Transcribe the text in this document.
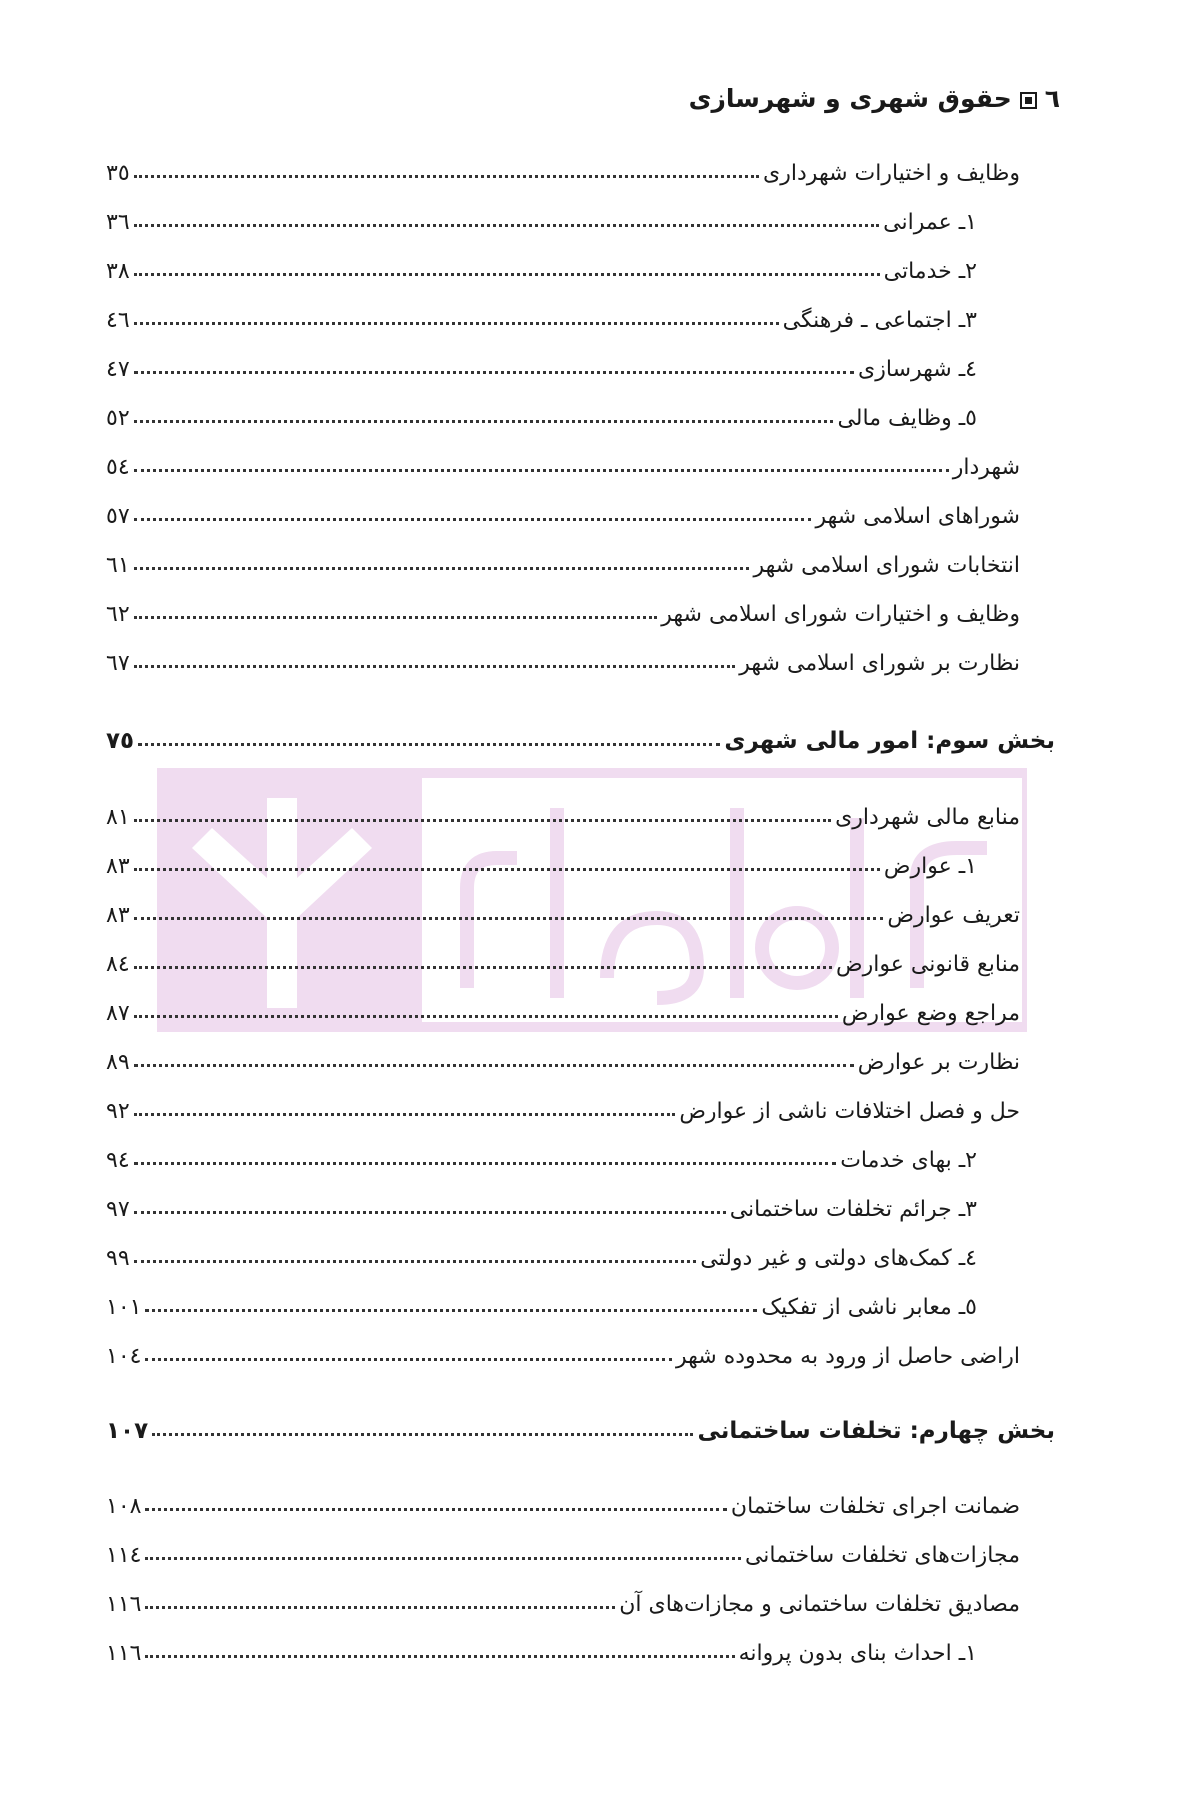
٦حقوق شهری و شهرسازی
وظایف و اختیارات شهرداری
٣٥
١ـ عمرانی
٣٦
٢ـ خدماتی
٣٨
٣ـ اجتماعی ـ فرهنگی
٤٦
٤ـ شهرسازی
٤٧
٥ـ وظایف مالی
٥٢
شهردار
٥٤
شوراهای اسلامی شهر
٥٧
انتخابات شورای اسلامی شهر
٦١
وظایف و اختیارات شورای اسلامی شهر
٦٢
نظارت بر شورای اسلامی شهر
٦٧
بخش سوم: امور مالی شهری
٧٥
منابع مالی شهرداری
٨١
١ـ عوارض
٨٣
تعریف عوارض
٨٣
منابع قانونی عوارض
٨٤
مراجع وضع عوارض
٨٧
نظارت بر عوارض
٨٩
حل و فصل اختلافات ناشی از عوارض
٩٢
٢ـ بهای خدمات
٩٤
٣ـ جرائم تخلفات ساختمانی
٩٧
٤ـ کمک‌های دولتی و غیر دولتی
٩٩
٥ـ معابر ناشی از تفکیک
١٠١
اراضی حاصل از ورود به محدوده شهر
١٠٤
بخش چهارم: تخلفات ساختمانی
١٠٧
ضمانت اجرای تخلفات ساختمان
١٠٨
مجازات‌های تخلفات ساختمانی
١١٤
مصادیق تخلفات ساختمانی و مجازات‌های آن
١١٦
١ـ احداث بنای بدون پروانه
١١٦
